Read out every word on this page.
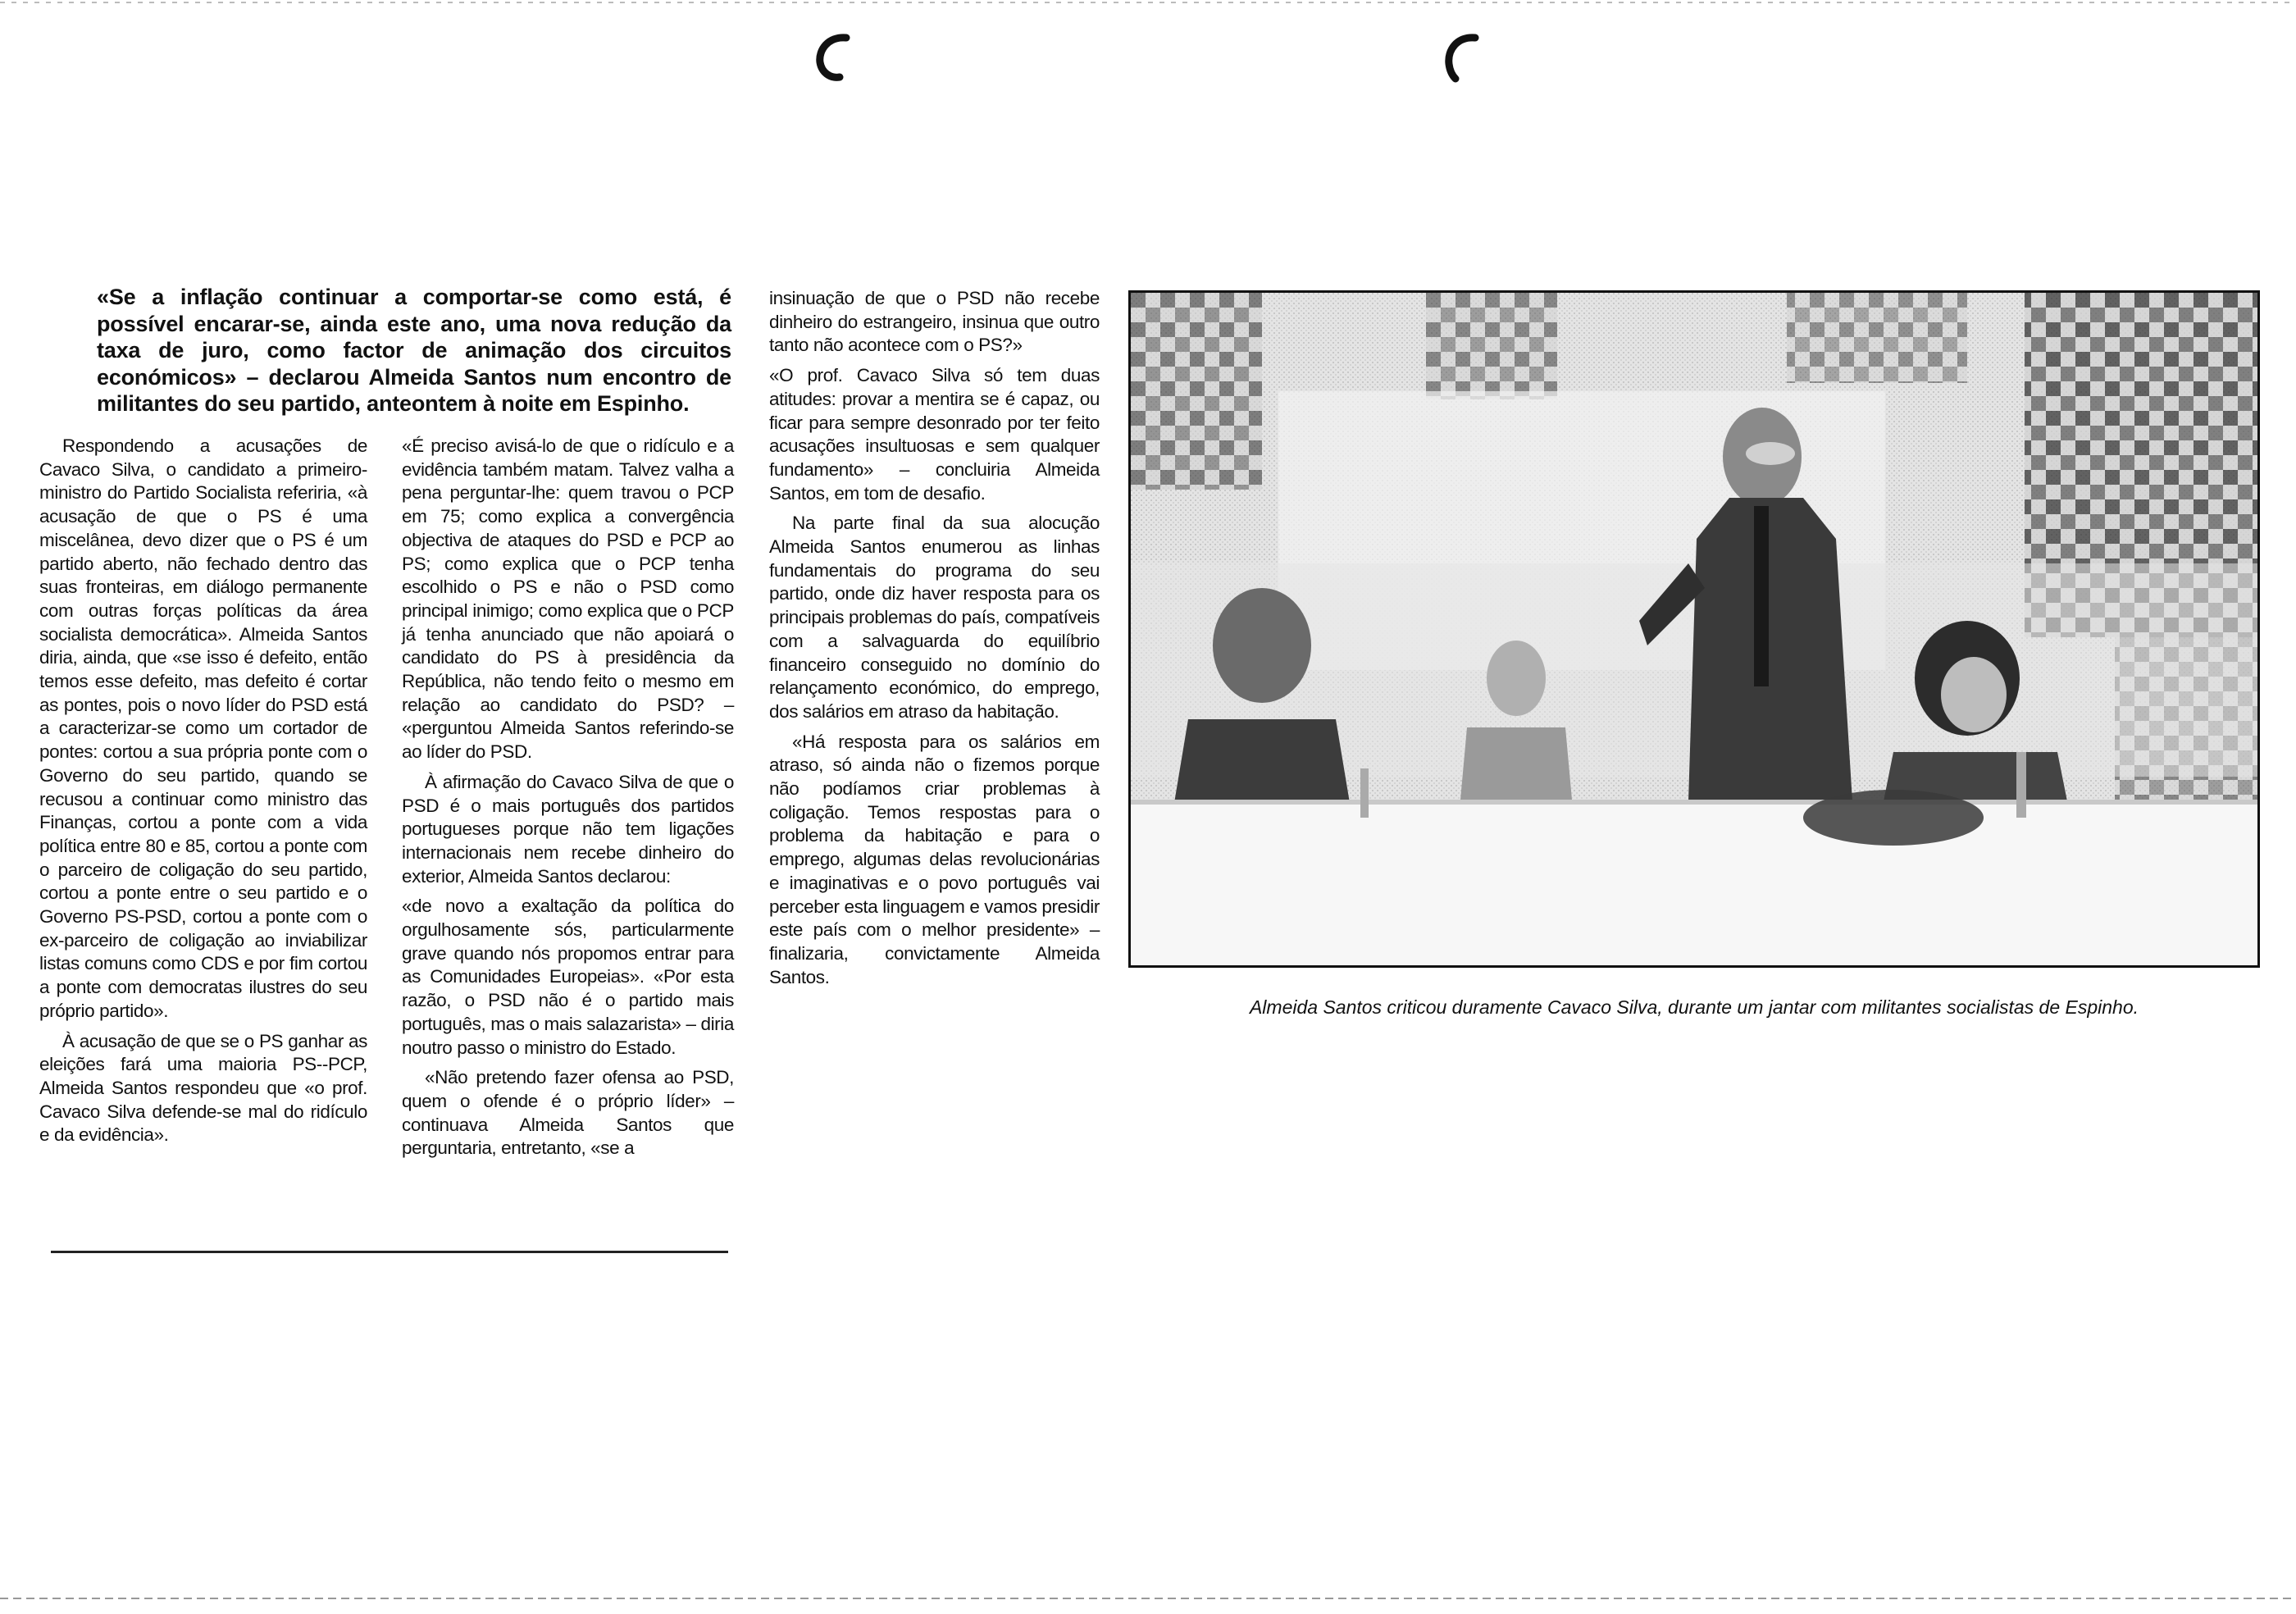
«Se a inflação continuar a comportar-se como está, é possível encarar-se, ainda este ano, uma nova redução da taxa de juro, como factor de animação dos circuitos económicos» – declarou Almeida Santos num encontro de militantes do seu partido, anteontem à noite em Espinho.

Respondendo a acusações de Cavaco Silva, o candidato a primeiro-ministro do Partido Socialista referiria, «à acusação de que o PS é uma miscelânea, devo dizer que o PS é um partido aberto, não fechado dentro das suas fronteiras, em diálogo permanente com outras forças políticas da área socialista democrática». Almeida Santos diria, ainda, que «se isso é defeito, então temos esse defeito, mas defeito é cortar as pontes, pois o novo líder do PSD está a caracterizar-se como um cortador de pontes: cortou a sua própria ponte com o Governo do seu partido, quando se recusou a continuar como ministro das Finanças, cortou a ponte com a vida política entre 80 e 85, cortou a ponte com o parceiro de coligação do seu partido, cortou a ponte entre o seu partido e o Governo PS-PSD, cortou a ponte com o ex-parceiro de coligação ao inviabilizar listas comuns como CDS e por fim cortou a ponte com democratas ilustres do seu próprio partido».

À acusação de que se o PS ganhar as eleições fará uma maioria PS--PCP, Almeida Santos respondeu que «o prof. Cavaco Silva defende-se mal do ridículo e da evidência».

«É preciso avisá-lo de que o ridículo e a evidência também matam. Talvez valha a pena perguntar-lhe: quem travou o PCP em 75; como explica a convergência objectiva de ataques do PSD e PCP ao PS; como explica que o PCP tenha escolhido o PS e não o PSD como principal inimigo; como explica que o PCP já tenha anunciado que não apoiará o candidato do PS à presidência da República, não tendo feito o mesmo em relação ao candidato do PSD? – «perguntou Almeida Santos referindo-se ao líder do PSD.

À afirmação do Cavaco Silva de que o PSD é o mais português dos partidos portugueses porque não tem ligações internacionais nem recebe dinheiro do exterior, Almeida Santos declarou:

«de novo a exaltação da política do orgulhosamente sós, particularmente grave quando nós propomos entrar para as Comunidades Europeias». «Por esta razão, o PSD não é o partido mais português, mas o mais salazarista» – diria noutro passo o ministro do Estado.

«Não pretendo fazer ofensa ao PSD, quem o ofende é o próprio líder» – continuava Almeida Santos que perguntaria, entretanto, «se a

insinuação de que o PSD não recebe dinheiro do estrangeiro, insinua que outro tanto não acontece com o PS?»

«O prof. Cavaco Silva só tem duas atitudes: provar a mentira se é capaz, ou ficar para sempre desonrado por ter feito acusações insultuosas e sem qualquer fundamento» – concluiria Almeida Santos, em tom de desafio.

Na parte final da sua alocução Almeida Santos enumerou as linhas fundamentais do programa do seu partido, onde diz haver resposta para os principais problemas do país, compatíveis com a salvaguarda do equilíbrio financeiro conseguido no domínio do relançamento económico, do emprego, dos salários em atraso da habitação.

«Há resposta para os salários em atraso, só ainda não o fizemos porque não podíamos criar problemas à coligação. Temos respostas para o problema da habitação e para o emprego, algumas delas revolucionárias e imaginativas e o povo português vai perceber esta linguagem e vamos presidir este país com o melhor presidente» – finalizaria, convictamente Almeida Santos.

Almeida Santos criticou duramente Cavaco Silva, durante um jantar com militantes socialistas de Espinho.
